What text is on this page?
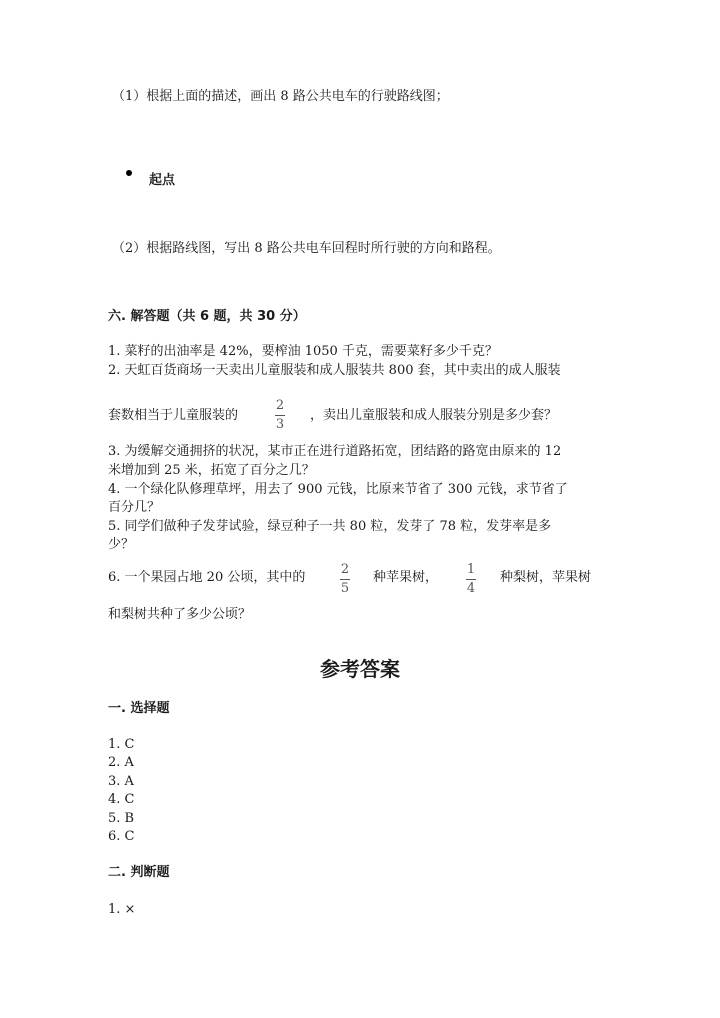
（1）根据上面的描述，画出 8 路公共电车的行驶路线图；

起点

（2）根据路线图，写出 8 路公共电车回程时所行驶的方向和路程。

六. 解答题（共 6 题，共 30 分）

1. 菜籽的出油率是 42%，要榨油 1050 千克，需要菜籽多少千克？

2. 天虹百货商场一天卖出儿童服装和成人服装共 800 套，其中卖出的成人服装

套数相当于儿童服装的

2
3

，卖出儿童服装和成人服装分别是多少套？

3. 为缓解交通拥挤的状况，某市正在进行道路拓宽，团结路的路宽由原来的 12

米增加到 25 米，拓宽了百分之几？

4. 一个绿化队修理草坪，用去了 900 元钱，比原来节省了 300 元钱，求节省了

百分几？

5. 同学们做种子发芽试验，绿豆种子一共 80 粒，发芽了 78 粒，发芽率是多

少？

6. 一个果园占地 20 公顷，其中的

2
5

种苹果树，

1
4

种梨树，苹果树

和梨树共种了多少公顷？

参考答案

一. 选择题

1. C

2. A

3. A

4. C

5. B

6. C

二. 判断题

1. ×
